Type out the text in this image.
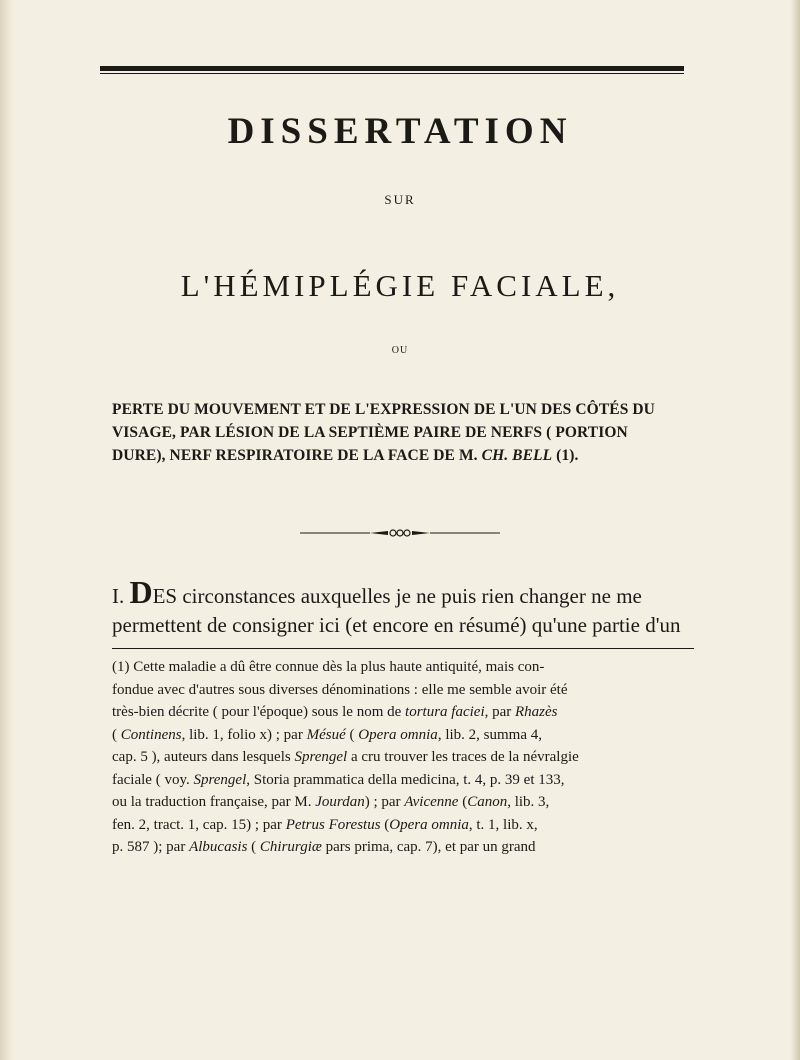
DISSERTATION
SUR
L'HÉMIPLÉGIE FACIALE,
OU
PERTE DU MOUVEMENT ET DE L'EXPRESSION DE L'UN DES CÔTÉS DU
VISAGE, PAR LÉSION DE LA SEPTIÈME PAIRE DE NERFS ( PORTION
DURE), NERF RESPIRATOIRE DE LA FACE DE M. CH. BELL (1).
I. DES circonstances auxquelles je ne puis rien changer ne me
permettent de consigner ici (et encore en résumé) qu'une partie d'un
(1) Cette maladie a dû être connue dès la plus haute antiquité, mais con-
fondue avec d'autres sous diverses dénominations : elle me semble avoir été
très-bien décrite ( pour l'époque) sous le nom de tortura faciei, par Rhazès
( Continens, lib. 1, folio x) ; par Mésué ( Opera omnia, lib. 2, summa 4,
cap. 5 ), auteurs dans lesquels Sprengel a cru trouver les traces de la névralgie
faciale ( voy. Sprengel, Storia prammatica della medicina, t. 4, p. 39 et 133,
ou la traduction française, par M. Jourdan) ; par Avicenne (Canon, lib. 3,
fen. 2, tract. 1, cap. 15) ; par Petrus Forestus (Opera omnia, t. 1, lib. x,
p. 587 ); par Albucasis ( Chirurgiæ pars prima, cap. 7), et par un grand
